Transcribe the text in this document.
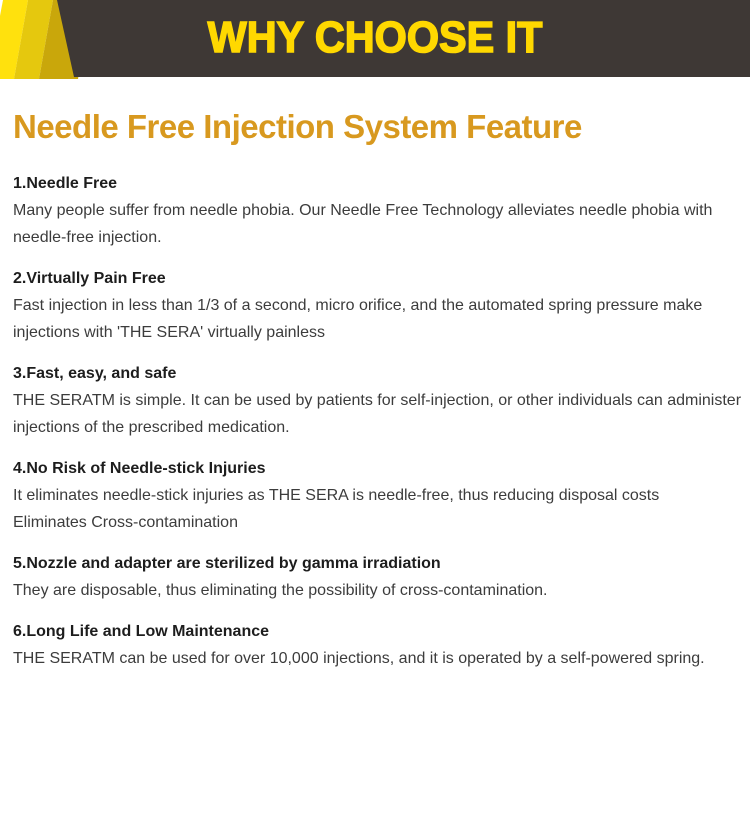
WHY CHOOSE IT
Needle Free Injection System Feature
1.Needle Free
Many people suffer from needle phobia. Our Needle Free Technology alleviates needle phobia with
needle-free injection.
2.Virtually Pain Free
Fast injection in less than 1/3 of a second, micro orifice, and the automated spring pressure make
injections with 'THE SERA' virtually painless
3.Fast, easy, and safe
THE SERATM is simple. It can be used by patients for self-injection, or other individuals can administer
injections of the prescribed medication.
4.No Risk of Needle-stick Injuries
It eliminates needle-stick injuries as THE SERA is needle-free, thus reducing disposal costs
Eliminates Cross-contamination
5.Nozzle and adapter are sterilized by gamma irradiation
They are disposable, thus eliminating the possibility of cross-contamination.
6.Long Life and Low Maintenance
THE SERATM can be used for over 10,000 injections, and it is operated by a self-powered spring.
